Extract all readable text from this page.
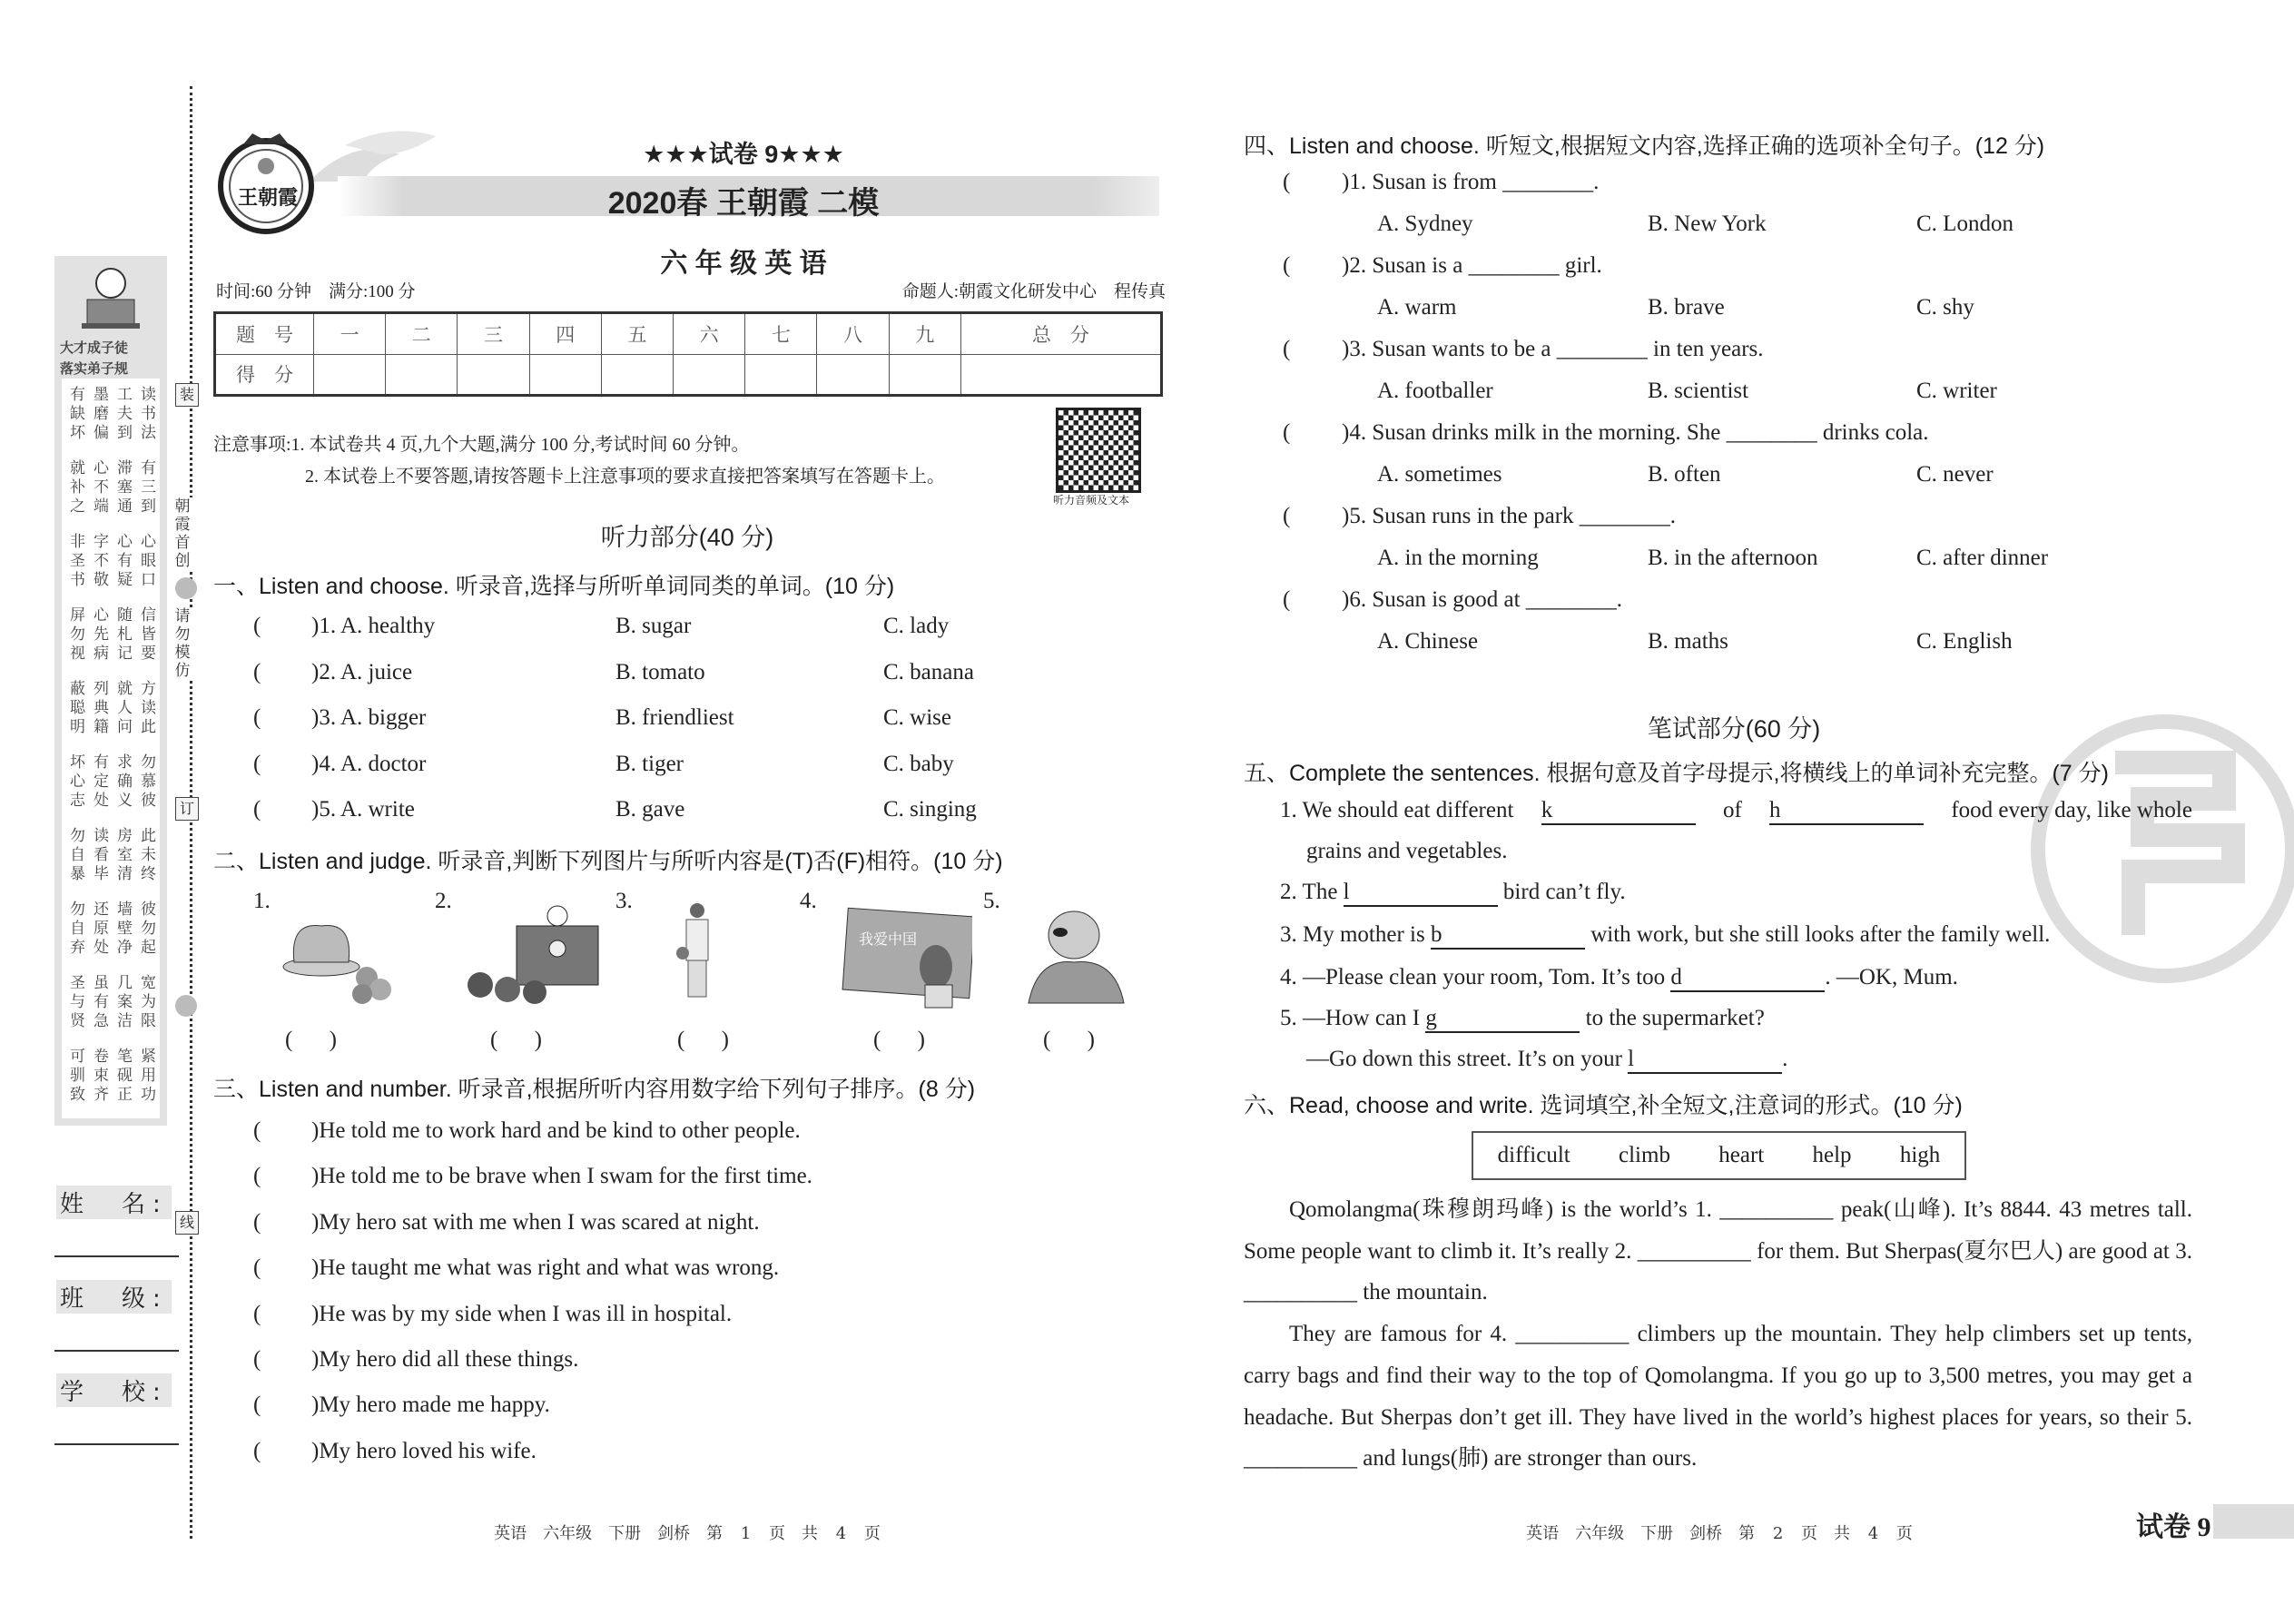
大才成子徒
落实弟子规
有墨工读
缺磨夫书
坏偏到法
就心滞有
补不塞三
之端通到
非字心心
圣不有眼
书敬疑口
屏心随信
勿先札皆
视病记要
蔽列就方
聪典人读
明籍问此
坏有求勿
心定确慕
志处义彼
勿读房此
自看室未
暴毕清终
勿还墙彼
自原壁勿
弃处净起
圣虽几宽
与有案为
贤急洁限
可卷笔紧
驯束砚用
致齐正功
装
订
线
朝霞首创
请勿模仿
姓　名:
班　级:
学　校:
王朝霞
★★★试卷 9★★★
2020春 王朝霞 二模
六 年 级 英 语
时间:60 分钟　满分:100 分	命题人:朝霞文化研发中心　程传真
题　号	一	二	三	四	五	六	七	八	九	总　分
得　分										
注意事项:1. 本试卷共 4 页,九个大题,满分 100 分,考试时间 60 分钟。
2. 本试卷上不要答题,请按答题卡上注意事项的要求直接把答案填写在答题卡上。
听力音频及文本
听力部分(40 分)
一、Listen and choose. 听录音,选择与所听单词同类的单词。(10 分)
( )1. A. healthy	B. sugar	C. lady
( )2. A. juice	B. tomato	C. banana
( )3. A. bigger	B. friendliest	C. wise
( )4. A. doctor	B. tiger	C. baby
( )5. A. write	B. gave	C. singing
二、Listen and judge. 听录音,判断下列图片与所听内容是(T)否(F)相符。(10 分)
1.
( )
2.
( )
3.
( )
4.
我爱中国
( )
5.
( )
三、Listen and number. 听录音,根据所听内容用数字给下列句子排序。(8 分)
( )He told me to work hard and be kind to other people.
( )He told me to be brave when I swam for the first time.
( )My hero sat with me when I was scared at night.
( )He taught me what was right and what was wrong.
( )He was by my side when I was ill in hospital.
( )My hero did all these things.
( )My hero made me happy.
( )My hero loved his wife.
英语　六年级　下册　剑桥　第 1 页　共 4 页
四、Listen and choose. 听短文,根据短文内容,选择正确的选项补全句子。(12 分)
( )1. Susan is from ________.
A. Sydney	B. New York	C. London
( )2. Susan is a ________ girl.
A. warm	B. brave	C. shy
( )3. Susan wants to be a ________ in ten years.
A. footballer	B. scientist	C. writer
( )4. Susan drinks milk in the morning. She ________ drinks cola.
A. sometimes	B. often	C. never
( )5. Susan runs in the park ________.
A. in the morning	B. in the afternoon	C. after dinner
( )6. Susan is good at ________.
A. Chinese	B. maths	C. English
笔试部分(60 分)
五、Complete the sentences. 根据句意及首字母提示,将横线上的单词补充完整。(7 分)
1. We should eat different k	of h	food every day, like whole
grains and vegetables.
2. The l	bird can’t fly.
3. My mother is b	with work, but she still looks after the family well.
4. —Please clean your room, Tom. It’s too d	. —OK, Mum.
5. —How can I g	to the supermarket?
—Go down this street. It’s on your l	.
六、Read, choose and write. 选词填空,补全短文,注意词的形式。(10 分)
difficult climb heart help high

Qomolangma(珠穆朗玛峰) is the world’s 1. __________ peak(山峰). It’s 8844. 43 metres tall. Some people want to climb it. It’s really 2. __________ for them. But Sherpas(夏尔巴人) are good at 3. __________ the mountain.

They are famous for 4. __________ climbers up the mountain. They help climbers set up tents, carry bags and find their way to the top of Qomolangma. If you go up to 3,500 metres, you may get a headache. But Sherpas don’t get ill. They have lived in the world’s highest places for years, so their 5. __________ and lungs(肺) are stronger than ours.

英语　六年级　下册　剑桥　第 2 页　共 4 页	试卷 9
